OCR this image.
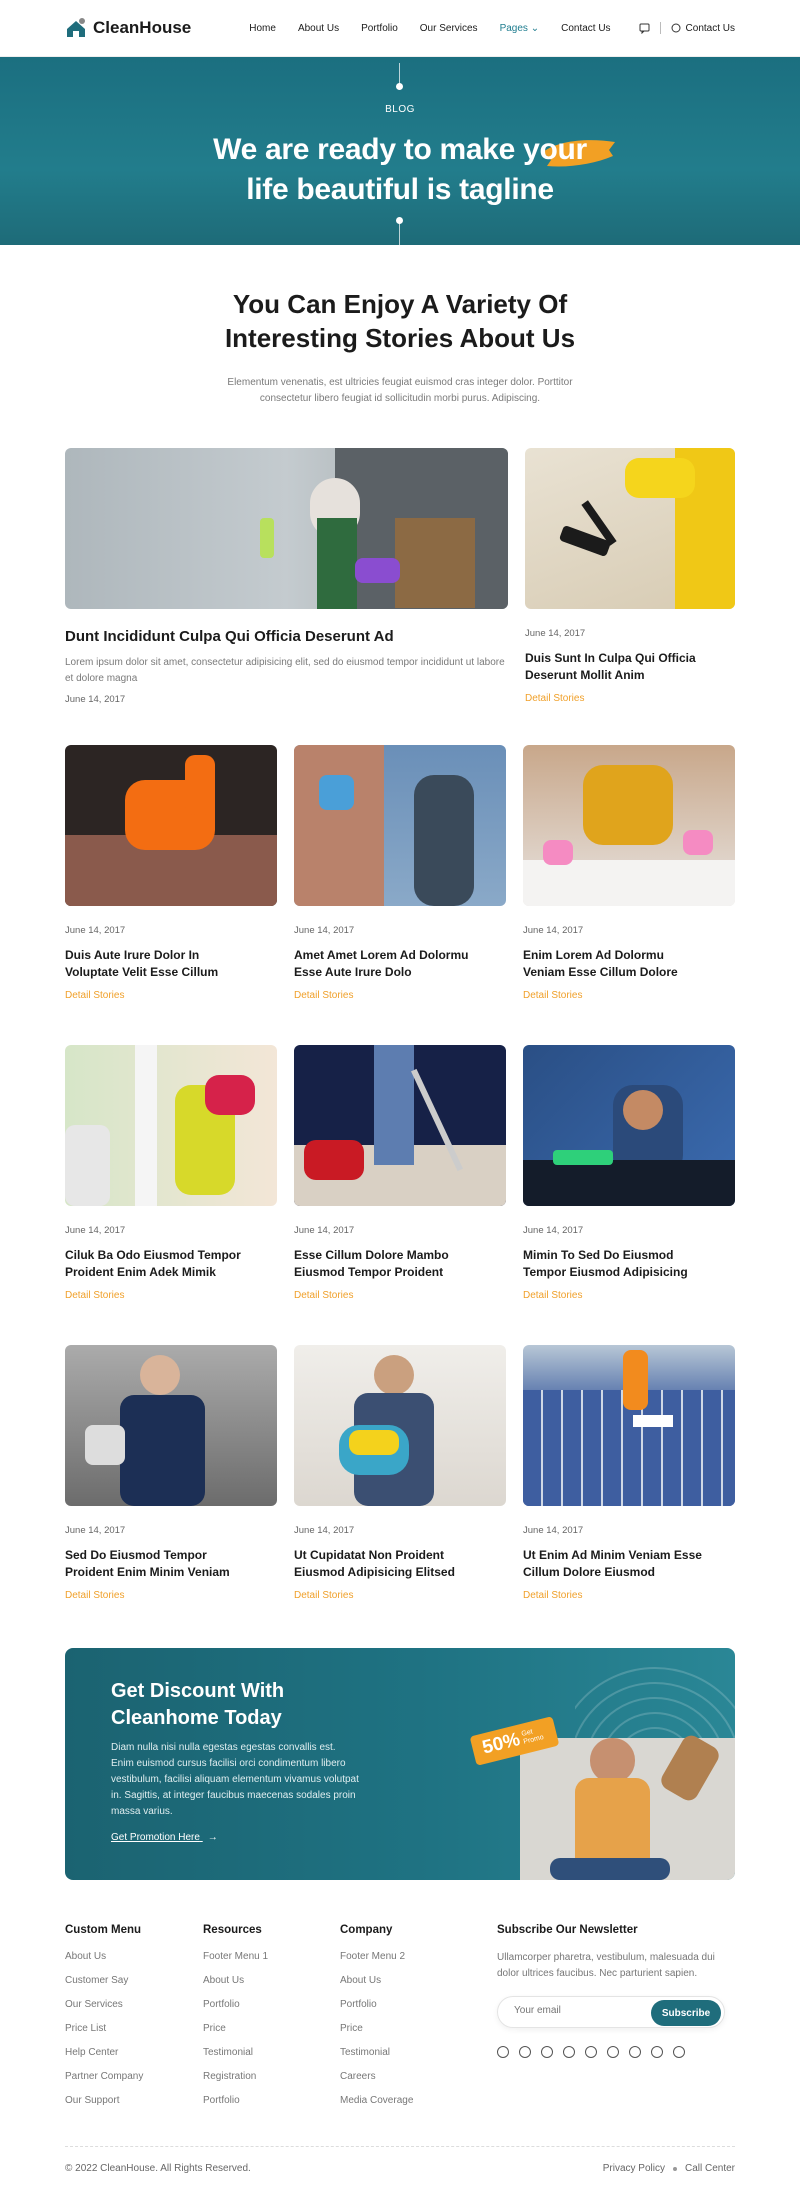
CleanHouse	Home About Us Portfolio Our Services Pages ⌄ Contact Us	Contact Us
BLOG
We are ready to make your
life beautiful is tagline
You Can Enjoy A Variety Of
Interesting Stories About Us
Elementum venenatis, est ultricies feugiat euismod cras integer dolor. Porttitor consectetur libero feugiat id sollicitudin morbi purus. Adipiscing.
Dunt Incididunt Culpa Qui Officia Deserunt Ad
Lorem ipsum dolor sit amet, consectetur adipisicing elit, sed do eiusmod tempor incididunt ut labore et dolore magna
June 14, 2017
June 14, 2017
Duis Sunt In Culpa Qui Officia
Deserunt Mollit Anim
Detail Stories
June 14, 2017
Duis Aute Irure Dolor In
Voluptate Velit Esse Cillum
Detail Stories
June 14, 2017
Amet Amet Lorem Ad Dolormu
Esse Aute Irure Dolo
Detail Stories
June 14, 2017
Enim Lorem Ad Dolormu
Veniam Esse Cillum Dolore
Detail Stories
June 14, 2017
Ciluk Ba Odo Eiusmod Tempor
Proident Enim Adek Mimik
Detail Stories
June 14, 2017
Esse Cillum Dolore Mambo
Eiusmod Tempor Proident
Detail Stories
June 14, 2017
Mimin To Sed Do Eiusmod
Tempor Eiusmod Adipisicing
Detail Stories
June 14, 2017
Sed Do Eiusmod Tempor
Proident Enim Minim Veniam
Detail Stories
June 14, 2017
Ut Cupidatat Non Proident
Eiusmod Adipisicing Elitsed
Detail Stories
June 14, 2017
Ut Enim Ad Minim Veniam Esse
Cillum Dolore Eiusmod
Detail Stories
50%
Get Promo
Get Discount With
Cleanhome Today

Diam nulla nisi nulla egestas egestas convallis est. Enim euismod cursus facilisi orci condimentum libero vestibulum, facilisi aliquam elementum vivamus volutpat in. Sagittis, at integer faucibus maecenas sodales proin massa varius.

Get Promotion Here →
Custom Menu
About Us
Customer Say
Our Services
Price List
Help Center
Partner Company
Our Support
Resources
Footer Menu 1
About Us
Portfolio
Price
Testimonial
Registration
Portfolio
Company
Footer Menu 2
About Us
Portfolio
Price
Testimonial
Careers
Media Coverage
Subscribe Our Newsletter
Ullamcorper pharetra, vestibulum, malesuada dui dolor ultrices faucibus. Nec parturient sapien.
Your email
Subscribe
© 2022 CleanHouse. All Rights Reserved.	Privacy Policy Call Center
